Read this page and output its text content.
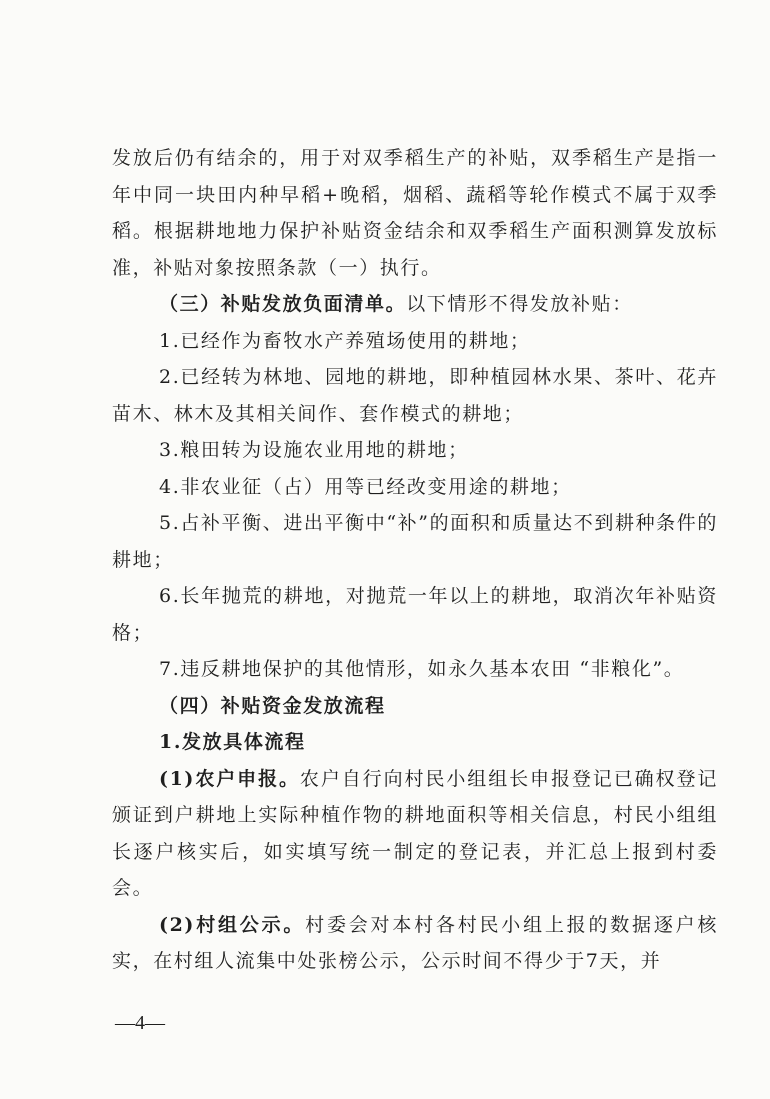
发放后仍有结余的，用于对双季稻生产的补贴，双季稻生产是指一年中同一块田内种早稻+晚稻，烟稻、蔬稻等轮作模式不属于双季稻。根据耕地地力保护补贴资金结余和双季稻生产面积测算发放标准，补贴对象按照条款（一）执行。

（三）补贴发放负面清单。以下情形不得发放补贴：

1.已经作为畜牧水产养殖场使用的耕地；

2.已经转为林地、园地的耕地，即种植园林水果、茶叶、花卉苗木、林木及其相关间作、套作模式的耕地；

3.粮田转为设施农业用地的耕地；

4.非农业征（占）用等已经改变用途的耕地；

5.占补平衡、进出平衡中“补”的面积和质量达不到耕种条件的耕地；

6.长年抛荒的耕地，对抛荒一年以上的耕地，取消次年补贴资格；

7.违反耕地保护的其他情形，如永久基本农田 “非粮化”。

（四）补贴资金发放流程

1.发放具体流程

(1)农户申报。农户自行向村民小组组长申报登记已确权登记颁证到户耕地上实际种植作物的耕地面积等相关信息，村民小组组长逐户核实后，如实填写统一制定的登记表，并汇总上报到村委会。

(2)村组公示。村委会对本村各村民小组上报的数据逐户核实，在村组人流集中处张榜公示，公示时间不得少于7天，并

—4—
